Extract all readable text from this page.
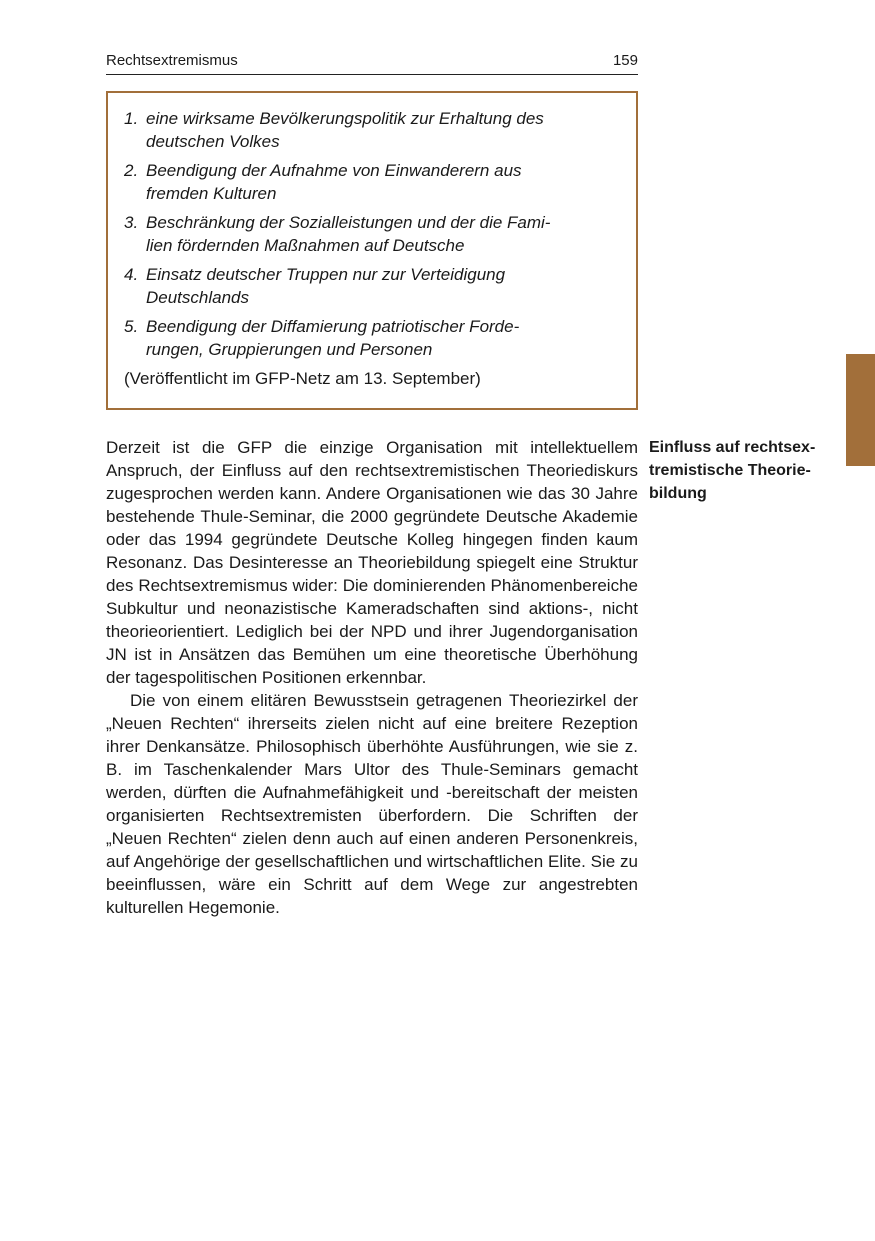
Rechtsextremismus	159
1. eine wirksame Bevölkerungspolitik zur Erhaltung des
deutschen Volkes
2. Beendigung der Aufnahme von Einwanderern aus
fremden Kulturen
3. Beschränkung der Sozialleistungen und der die Fami-
lien fördernden Maßnahmen auf Deutsche
4. Einsatz deutscher Truppen nur zur Verteidigung
Deutschlands
5. Beendigung der Diffamierung patriotischer Forde-
rungen, Gruppierungen und Personen
(Veröffentlicht im GFP-Netz am 13. September)

Derzeit ist die GFP die einzige Organisation mit intellektuellem Anspruch, der Einfluss auf den rechtsextremistischen Theoriediskurs zugesprochen werden kann. Andere Organisationen wie das 30 Jahre bestehende Thule-Seminar, die 2000 gegründete Deutsche Akademie oder das 1994 gegründete Deutsche Kolleg hingegen finden kaum Resonanz. Das Desinteresse an Theoriebildung spiegelt eine Struktur des Rechtsextremismus wider: Die dominierenden Phänomenbereiche Subkultur und neonazistische Kameradschaften sind aktions-, nicht theorieorientiert. Lediglich bei der NPD und ihrer Jugendorganisation JN ist in Ansätzen das Bemühen um eine theoretische Überhöhung der tagespolitischen Positionen erkennbar.

Die von einem elitären Bewusstsein getragenen Theoriezirkel der „Neuen Rechten“ ihrerseits zielen nicht auf eine breitere Rezeption ihrer Denkansätze. Philosophisch überhöhte Ausführungen, wie sie z. B. im Taschenkalender Mars Ultor des Thule-Seminars gemacht werden, dürften die Aufnahmefähigkeit und -bereitschaft der meisten organisierten Rechtsextremisten überfordern. Die Schriften der „Neuen Rechten“ zielen denn auch auf einen anderen Personenkreis, auf Angehörige der gesellschaftlichen und wirtschaftlichen Elite. Sie zu beeinflussen, wäre ein Schritt auf dem Wege zur angestrebten kulturellen Hegemonie.

Einfluss auf rechtsex-
tremistische Theorie-
bildung
